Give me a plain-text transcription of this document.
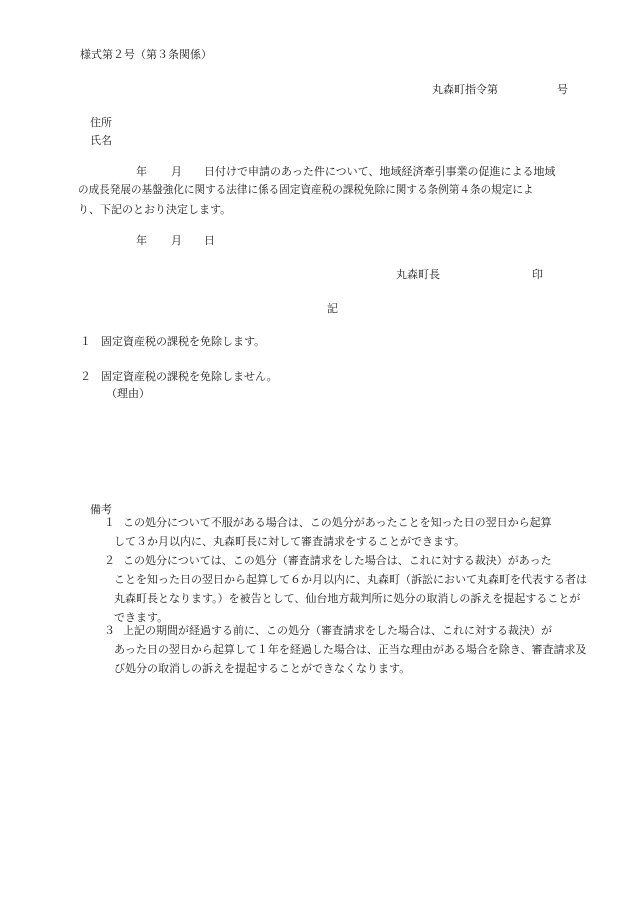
様式第２号（第３条関係）
丸森町指令第	号
住所
氏名
年 月 日付けで申請のあった件について、地域経済牽引事業の促進による地域
の成長発展の基盤強化に関する法律に係る固定資産税の課税免除に関する条例第４条の規定によ
り、下記のとおり決定します。
年 月 日
丸森町長	印
記
１ 固定資産税の課税を免除します。
２ 固定資産税の課税を免除しません。
（理由）
備考
１ この処分について不服がある場合は、この処分があったことを知った日の翌日から起算
して３か月以内に、丸森町長に対して審査請求をすることができます。
２ この処分については、この処分（審査請求をした場合は、これに対する裁決）があった
ことを知った日の翌日から起算して６か月以内に、丸森町（訴訟において丸森町を代表する者は丸森町長となります。）を被告として、仙台地方裁判所に処分の取消しの訴えを提起することができます。
３ 上記の期間が経過する前に、この処分（審査請求をした場合は、これに対する裁決）が
あった日の翌日から起算して１年を経過した場合は、正当な理由がある場合を除き、審査請求及び処分の取消しの訴えを提起することができなくなります。
